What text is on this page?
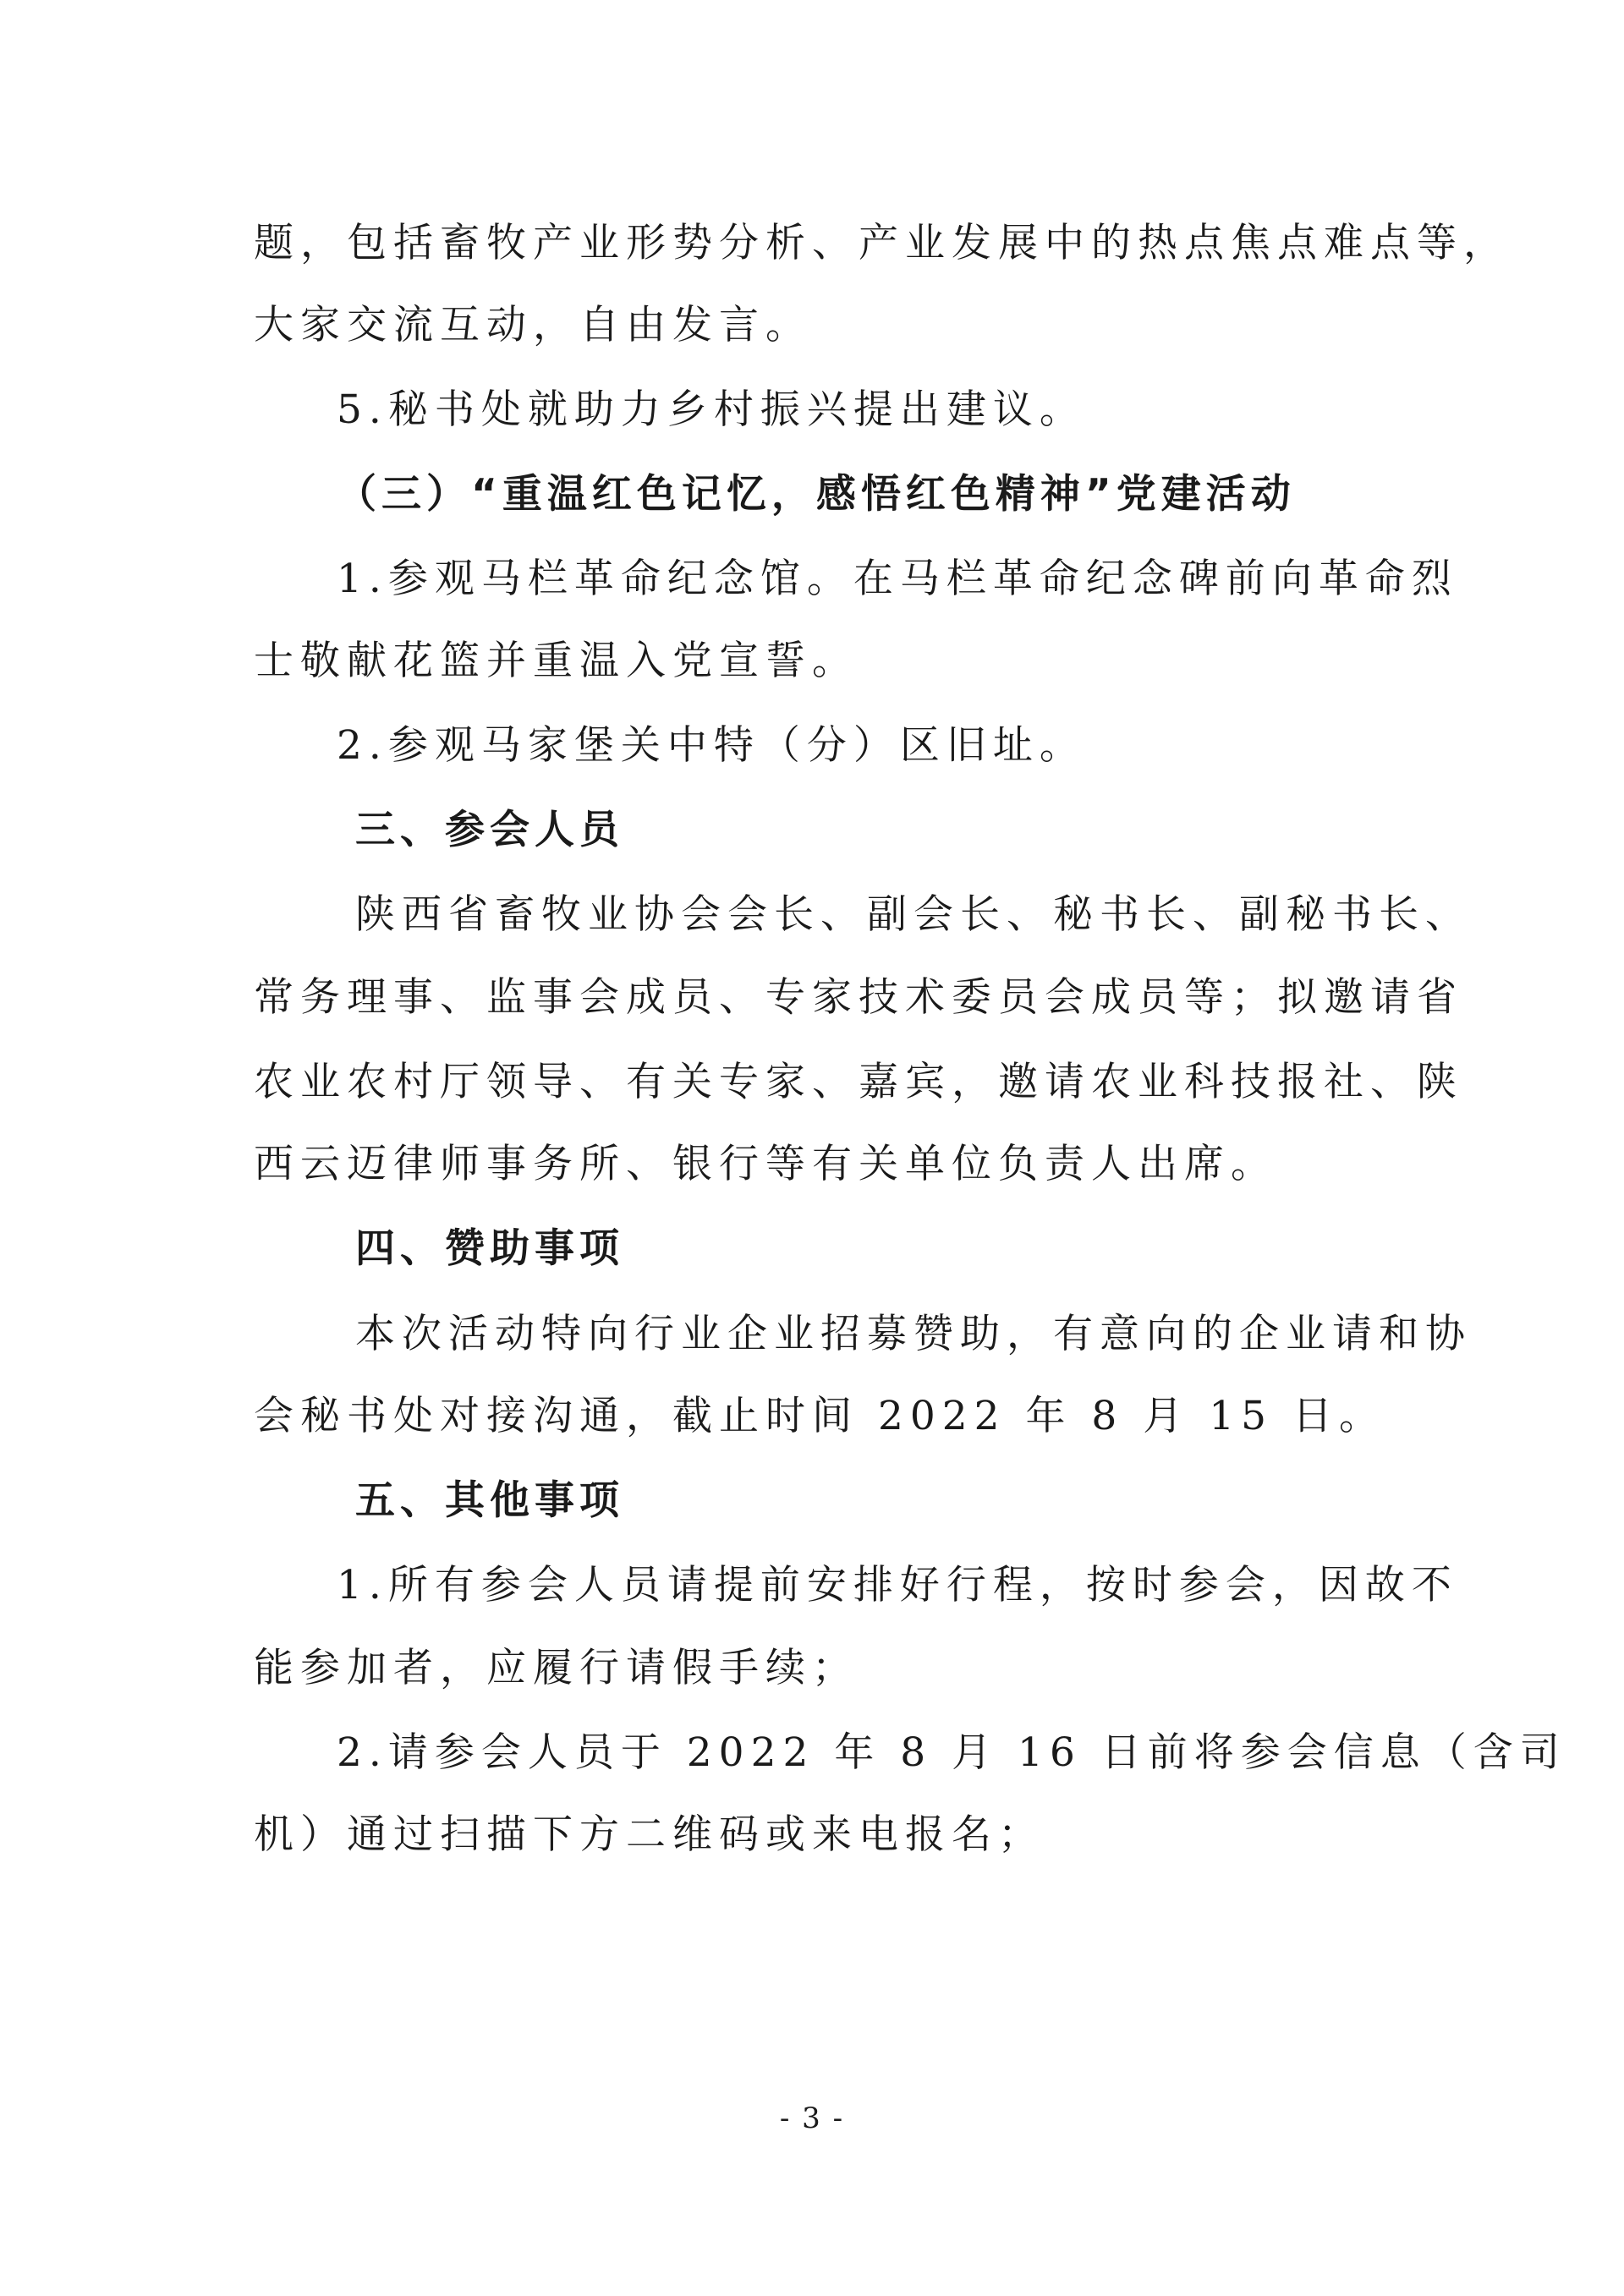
题，包括畜牧产业形势分析、产业发展中的热点焦点难点等，

大家交流互动，自由发言。

5.秘书处就助力乡村振兴提出建议。

（三）“重温红色记忆，感悟红色精神”党建活动

1.参观马栏革命纪念馆。在马栏革命纪念碑前向革命烈

士敬献花篮并重温入党宣誓。

2.参观马家堡关中特（分）区旧址。

三、参会人员

陕西省畜牧业协会会长、副会长、秘书长、副秘书长、

常务理事、监事会成员、专家技术委员会成员等；拟邀请省

农业农村厅领导、有关专家、嘉宾，邀请农业科技报社、陕

西云迈律师事务所、银行等有关单位负责人出席。

四、赞助事项

本次活动特向行业企业招募赞助，有意向的企业请和协

会秘书处对接沟通，截止时间 2022 年 8 月 15 日。

五、其他事项

1.所有参会人员请提前安排好行程，按时参会，因故不

能参加者，应履行请假手续；

2.请参会人员于 2022 年 8 月 16 日前将参会信息（含司

机）通过扫描下方二维码或来电报名；

- 3 -
